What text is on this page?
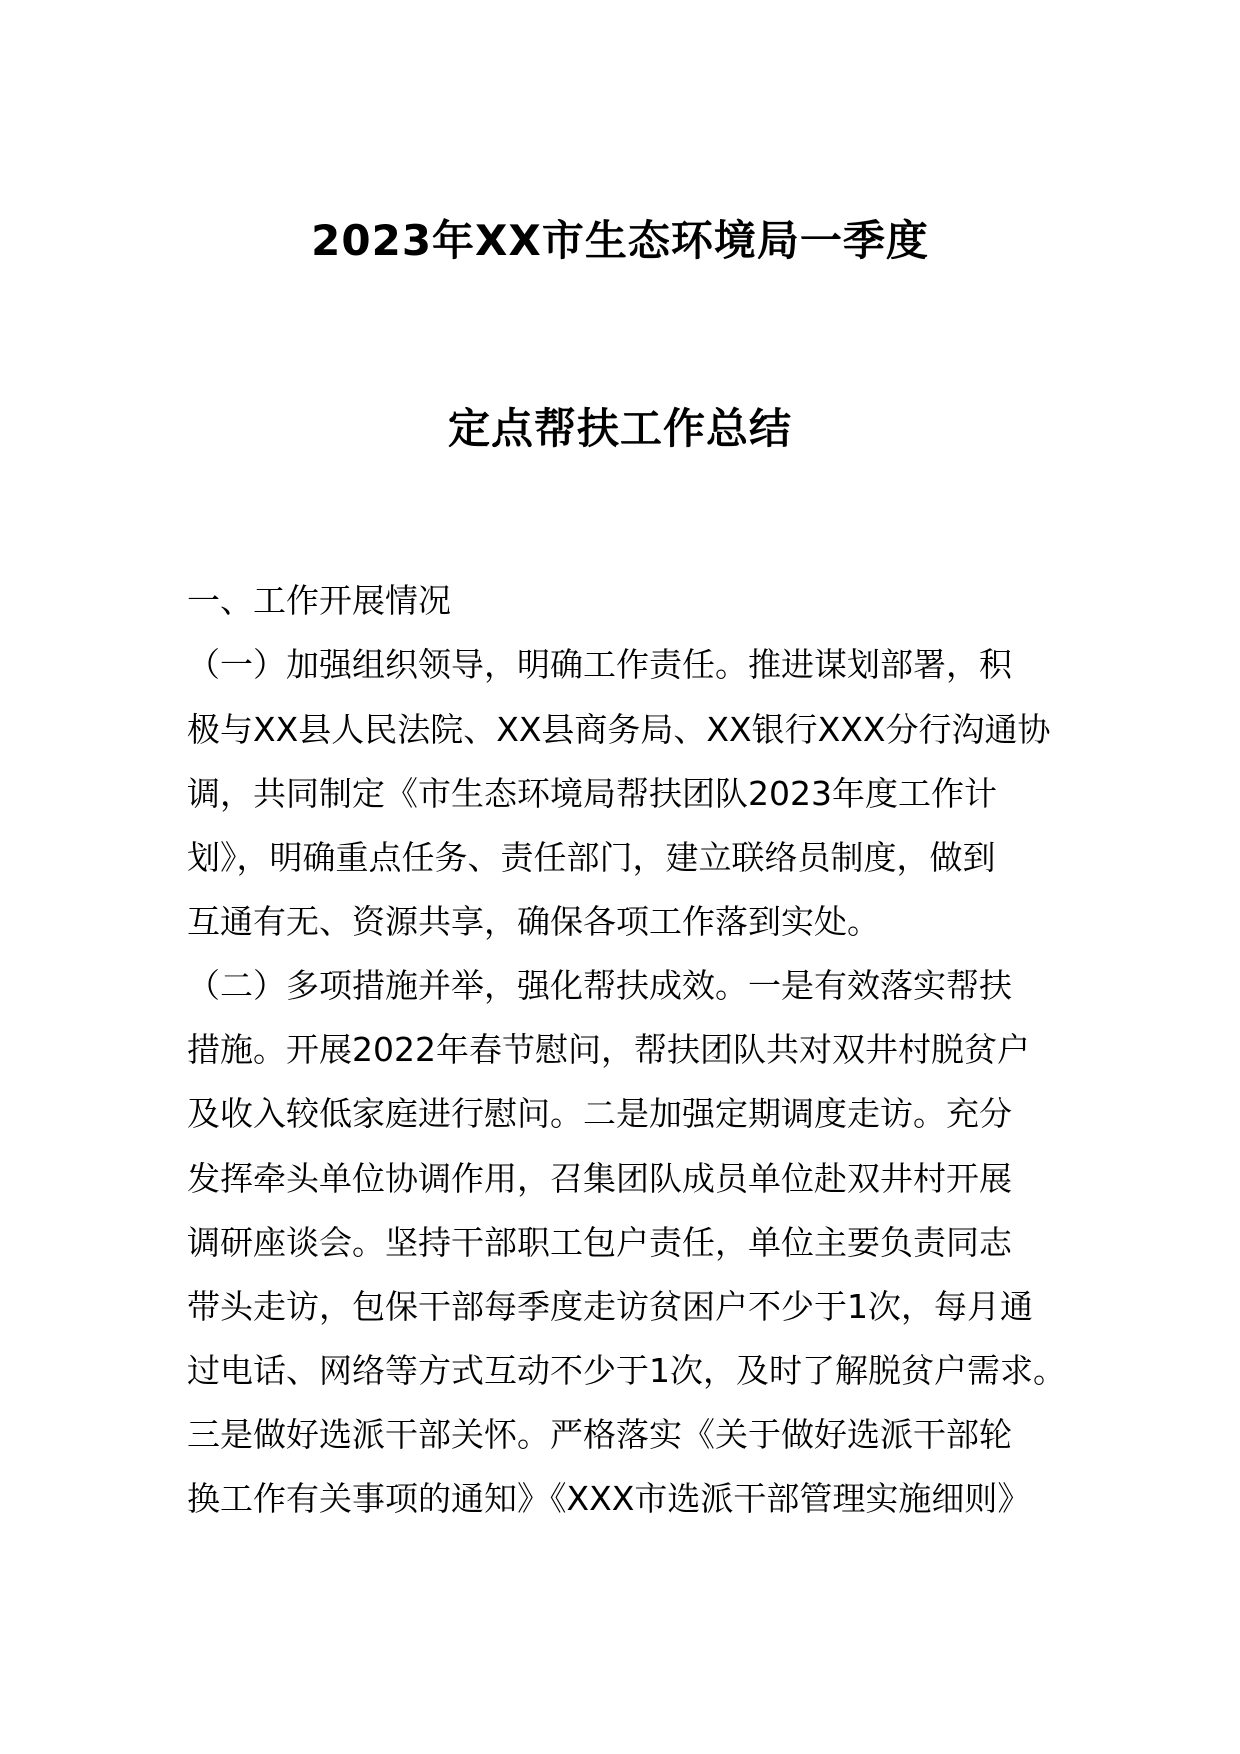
2023年XX市生态环境局一季度
定点帮扶工作总结
一、工作开展情况
（一）加强组织领导，明确工作责任。推进谋划部署，积
极与XX县人民法院、XX县商务局、XX银行XXX分行沟通协
调，共同制定《市生态环境局帮扶团队2023年度工作计
划》，明确重点任务、责任部门，建立联络员制度，做到
互通有无、资源共享，确保各项工作落到实处。
（二）多项措施并举，强化帮扶成效。一是有效落实帮扶
措施。开展2022年春节慰问，帮扶团队共对双井村脱贫户
及收入较低家庭进行慰问。二是加强定期调度走访。充分
发挥牵头单位协调作用，召集团队成员单位赴双井村开展
调研座谈会。坚持干部职工包户责任，单位主要负责同志
带头走访，包保干部每季度走访贫困户不少于1次，每月通
过电话、网络等方式互动不少于1次，及时了解脱贫户需求。
三是做好选派干部关怀。严格落实《关于做好选派干部轮
换工作有关事项的通知》《XXX市选派干部管理实施细则》
